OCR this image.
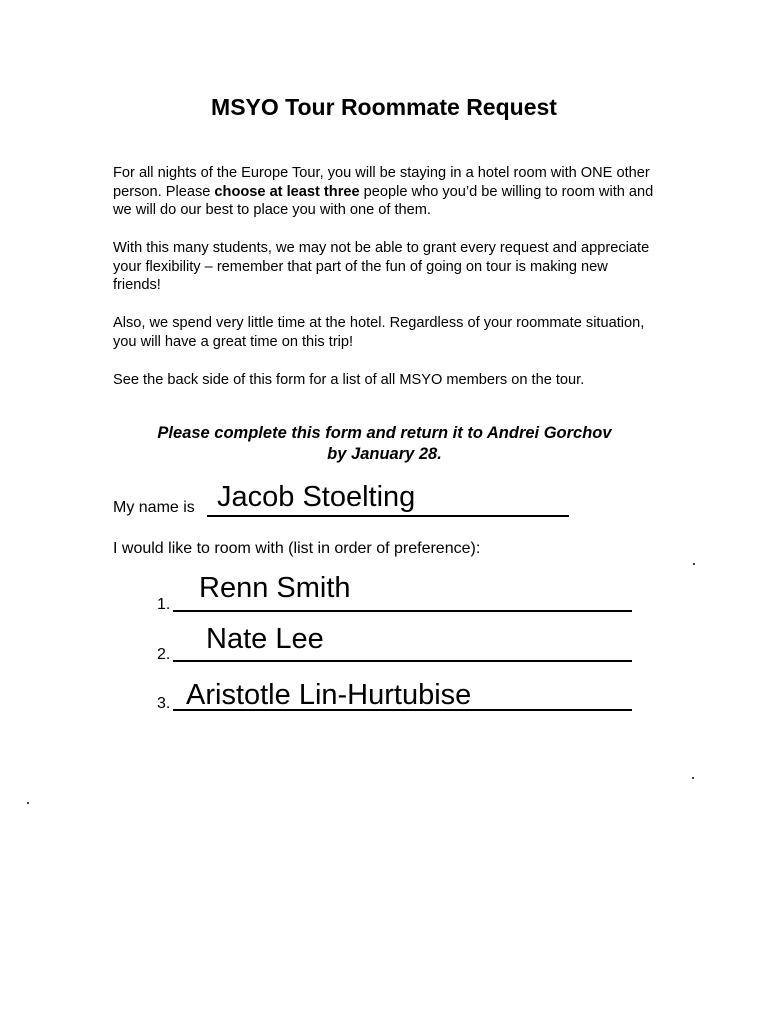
MSYO Tour Roommate Request

For all nights of the Europe Tour, you will be staying in a hotel room with ONE other person. Please choose at least three people who you’d be willing to room with and we will do our best to place you with one of them.

With this many students, we may not be able to grant every request and appreciate your flexibility – remember that part of the fun of going on tour is making new friends!

Also, we spend very little time at the hotel. Regardless of your roommate situation, you will have a great time on this trip!

See the back side of this form for a list of all MSYO members on the tour.

Please complete this form and return it to Andrei Gorchov
by January 28.

My name is Jacob Stoelting
I would like to room with (list in order of preference):
1.
Renn Smith
2. Nate Lee
3. Aristotle Lin-Hurtubise
